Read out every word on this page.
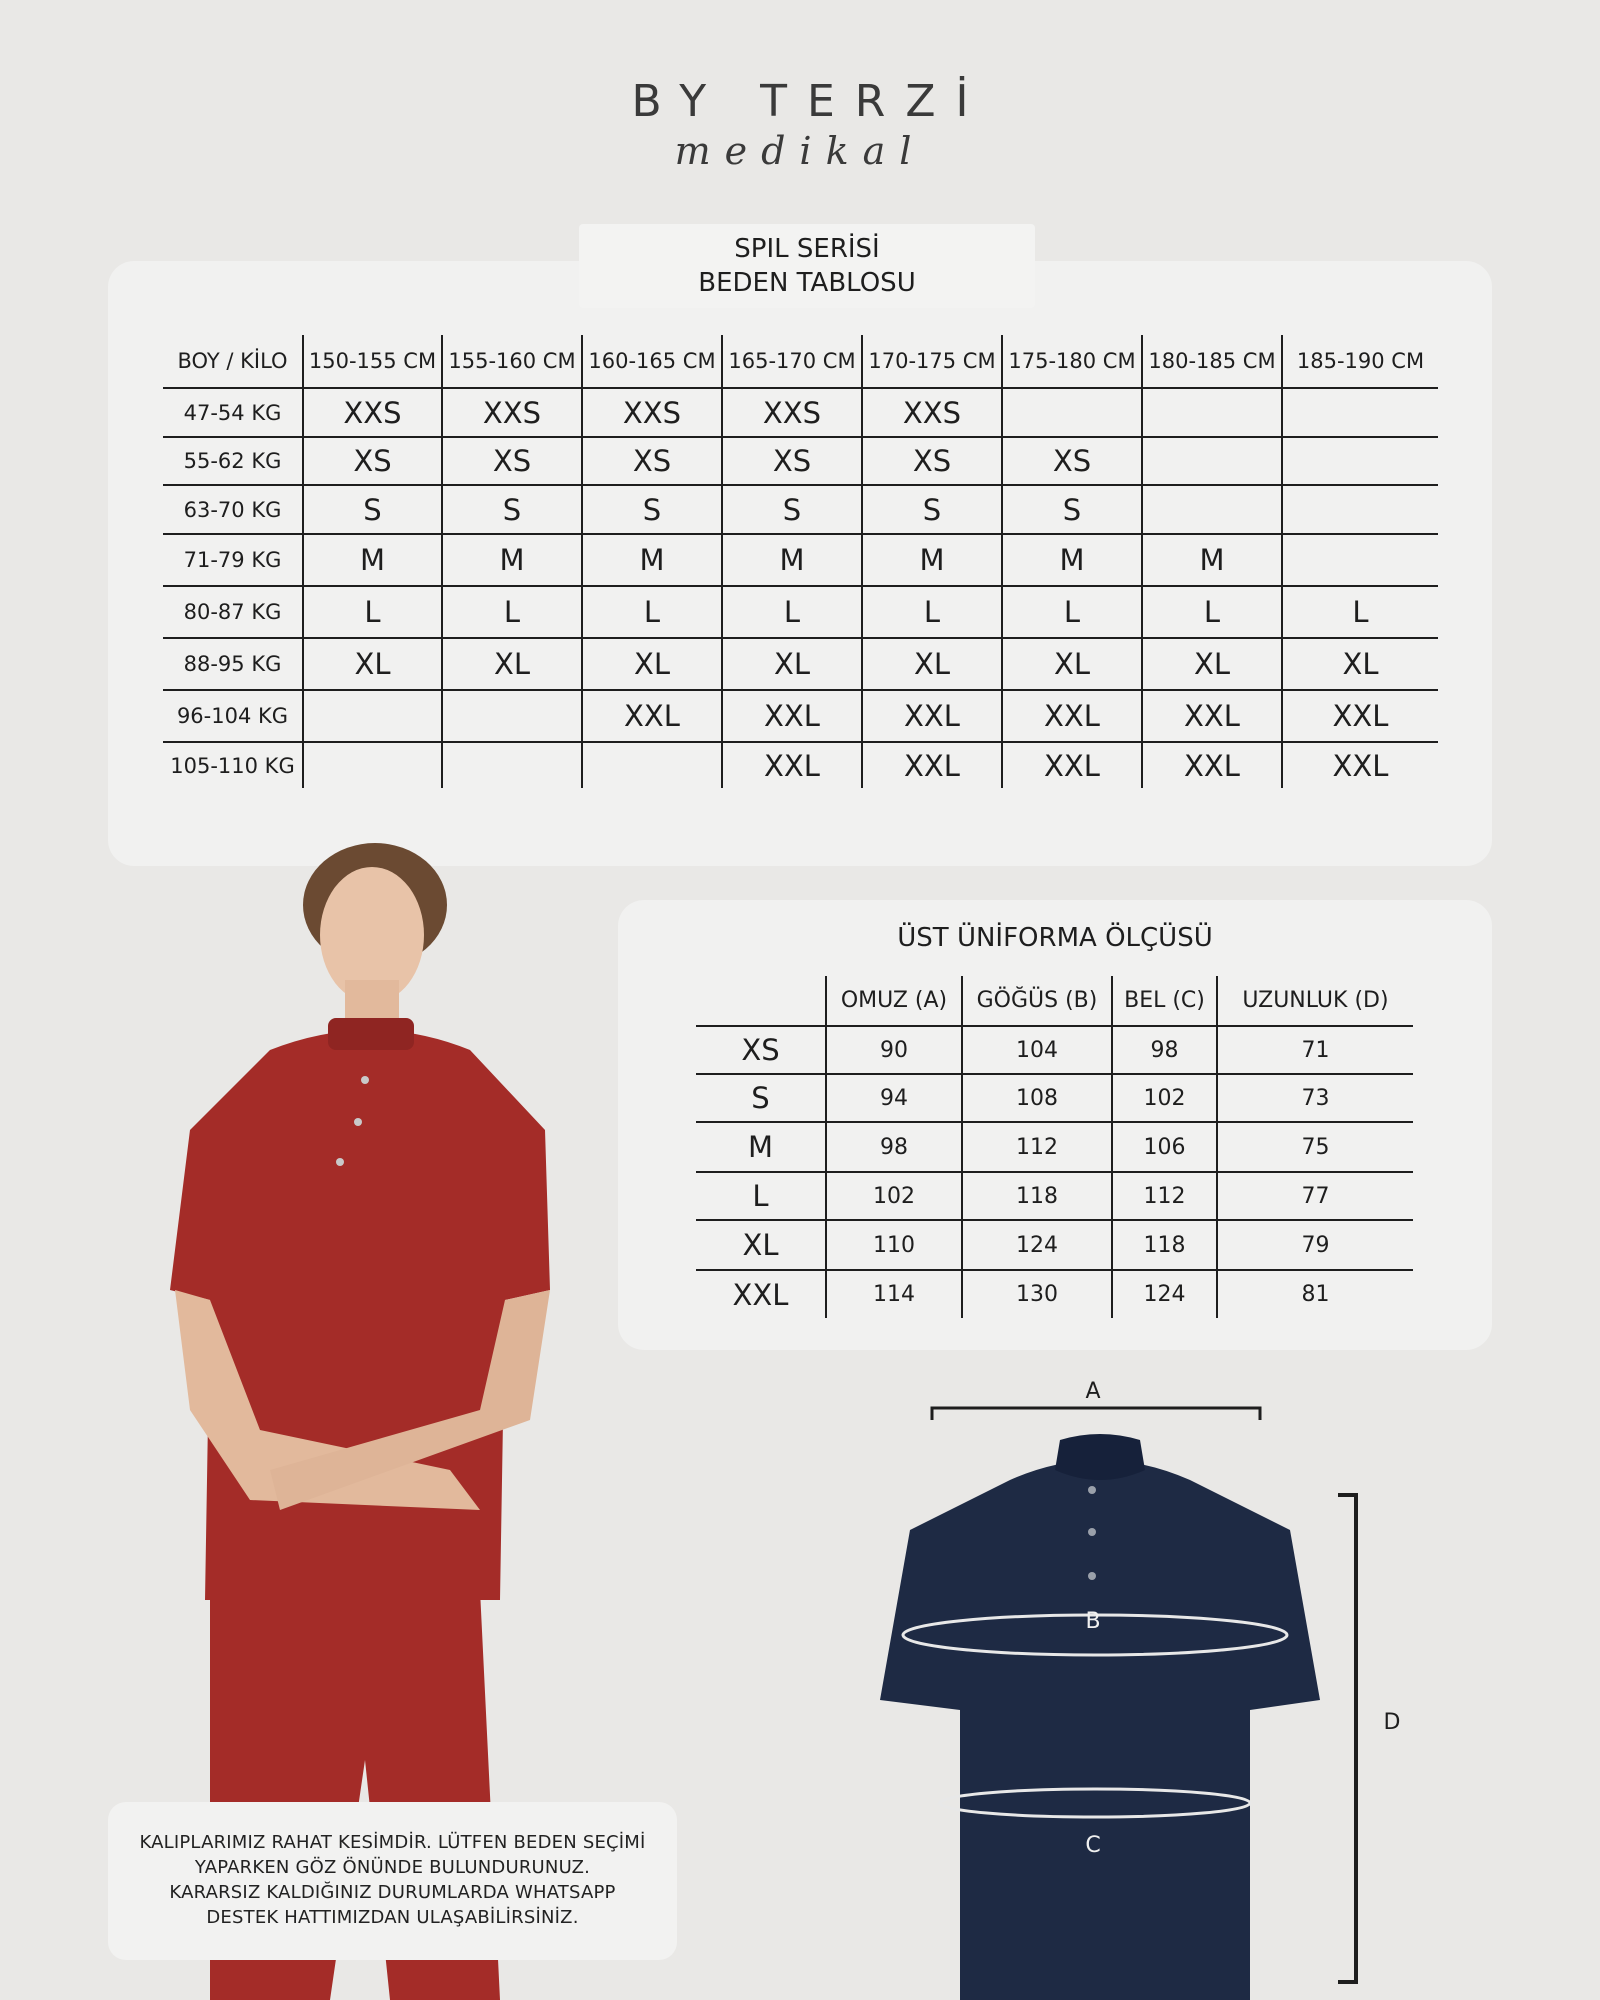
BY TERZİ
medikal
SPIL SERİSİ
BEDEN TABLOSU
BOY / KİLO	150-155 CM	155-160 CM	160-165 CM	165-170 CM	170-175 CM	175-180 CM	180-185 CM	185-190 CM
47-54 KG	XXS	XXS	XXS	XXS	XXS			
55-62 KG	XS	XS	XS	XS	XS	XS		
63-70 KG	S	S	S	S	S	S		
71-79 KG	M	M	M	M	M	M	M	
80-87 KG	L	L	L	L	L	L	L	L
88-95 KG	XL	XL	XL	XL	XL	XL	XL	XL
96-104 KG			XXL	XXL	XXL	XXL	XXL	XXL
105-110 KG				XXL	XXL	XXL	XXL	XXL
ÜST ÜNİFORMA ÖLÇÜSÜ
	OMUZ (A)	GÖĞÜS (B)	BEL (C)	UZUNLUK (D)
XS	90	104	98	71
S	94	108	102	73
M	98	112	106	75
L	102	118	112	77
XL	110	124	118	79
XXL	114	130	124	81
A
B
C
D
KALIPLARIMIZ RAHAT KESİMDİR. LÜTFEN BEDEN SEÇİMİ
YAPARKEN GÖZ ÖNÜNDE BULUNDURUNUZ.
KARARSIZ KALDIĞINIZ DURUMLARDA WHATSAPP
DESTEK HATTIMIZDAN ULAŞABİLİRSİNİZ.
